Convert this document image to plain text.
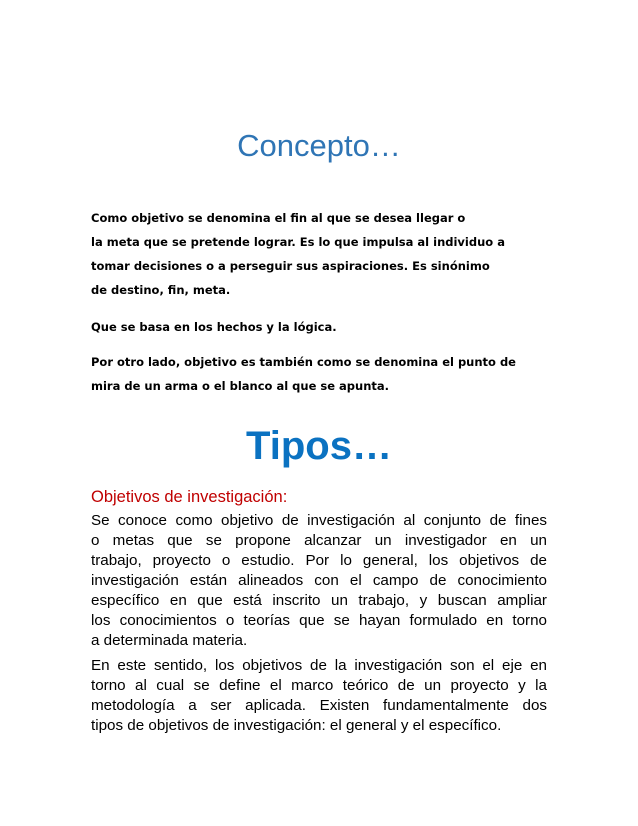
Concepto…
Como objetivo se denomina el fin al que se desea llegar o
la meta que se pretende lograr. Es lo que impulsa al individuo a
tomar decisiones o a perseguir sus aspiraciones. Es sinónimo
de destino, fin, meta.
Que se basa en los hechos y la lógica.
Por otro lado, objetivo es también como se denomina el punto de
mira de un arma o el blanco al que se apunta.
Tipos…
Objetivos de investigación:
Se conoce como objetivo de investigación al conjunto de fines
o metas que se propone alcanzar un investigador en un
trabajo, proyecto o estudio. Por lo general, los objetivos de
investigación están alineados con el campo de conocimiento
específico en que está inscrito un trabajo, y buscan ampliar
los conocimientos o teorías que se hayan formulado en torno
a determinada materia.
En este sentido, los objetivos de la investigación son el eje en
torno al cual se define el marco teórico de un proyecto y la
metodología a ser aplicada. Existen fundamentalmente dos
tipos de objetivos de investigación: el general y el específico.
